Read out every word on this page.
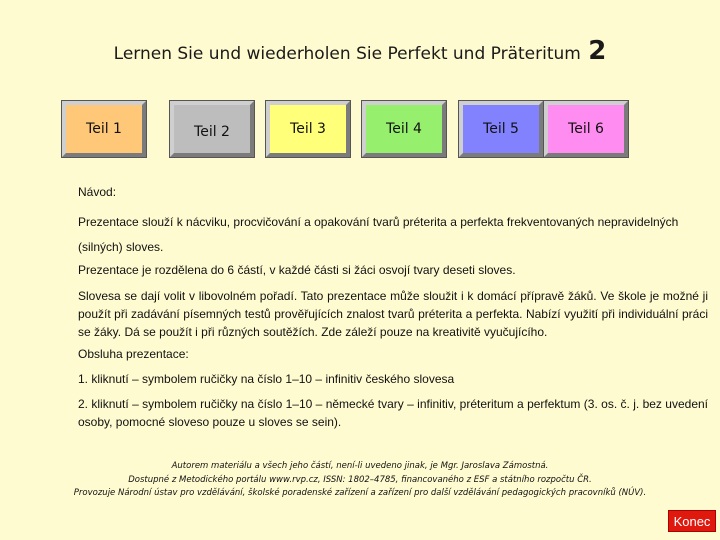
Lernen Sie und wiederholen Sie Perfekt und Präteritum 2
Teil 1	Teil 2	Teil 3	Teil 4	Teil 5	Teil 6
Návod:
Prezentace slouží k nácviku, procvičování a opakování tvarů préterita a perfekta frekventovaných nepravidelných (silných) sloves.
Prezentace je rozdělena do 6 částí, v každé části si žáci osvojí tvary deseti sloves.
Slovesa se dají volit v libovolném pořadí. Tato prezentace může sloužit i k domácí přípravě žáků. Ve škole je možné ji použít při zadávání písemných testů prověřujících znalost tvarů préterita a perfekta. Nabízí využití při individuální práci se žáky. Dá se použít i při různých soutěžích. Zde záleží pouze na kreativitě vyučujícího.
Obsluha prezentace:
1. kliknutí – symbolem ručičky na číslo 1–10 – infinitiv českého slovesa
2. kliknutí – symbolem ručičky na číslo 1–10 – německé tvary – infinitiv, préteritum a perfektum (3. os. č. j. bez uvedení osoby, pomocné sloveso pouze u sloves se sein).
Autorem materiálu a všech jeho částí, není-li uvedeno jinak, je Mgr. Jaroslava Zámostná.
Dostupné z Metodického portálu www.rvp.cz, ISSN: 1802–4785, financovaného z ESF a státního rozpočtu ČR.
Provozuje Národní ústav pro vzdělávání, školské poradenské zařízení a zařízení pro další vzdělávání pedagogických pracovníků (NÚV).
Konec
